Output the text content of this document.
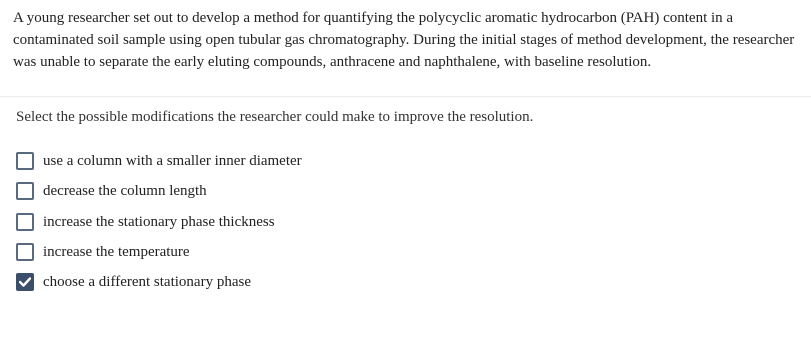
A young researcher set out to develop a method for quantifying the polycyclic aromatic hydrocarbon (PAH) content in a contaminated soil sample using open tubular gas chromatography. During the initial stages of method development, the researcher was unable to separate the early eluting compounds, anthracene and naphthalene, with baseline resolution.

Select the possible modifications the researcher could make to improve the resolution.

use a column with a smaller inner diameter
decrease the column length
increase the stationary phase thickness
increase the temperature
choose a different stationary phase
